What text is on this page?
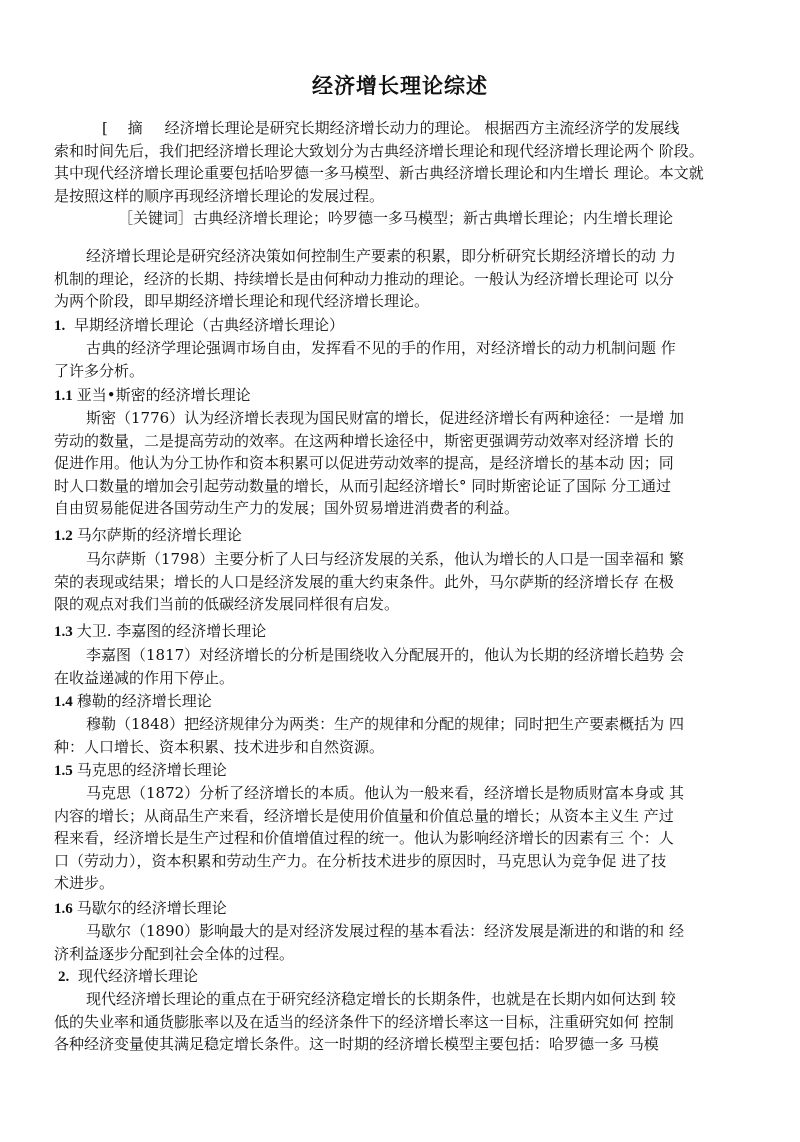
经济增长理论综述
[　 摘 经济增长理论是研究长期经济增长动力的理论。 根据西方主流经济学的发展线
索和时间先后，我们把经济增长理论大致划分为古典经济增长理论和现代经济增长理论两个 阶段。
其中现代经济增长理论重要包括哈罗德一多马模型、新古典经济增长理论和内生增长 理论。本文就
是按照这样的顺序再现经济增长理论的发展过程。
［关键词］古典经济增长理论；吟罗德一多马模型；新古典增长理论；内生增长理论
经济增长理论是研究经济决策如何控制生产要素的积累，即分析研究长期经济增长的动 力
机制的理论，经济的长期、持续增长是由何种动力推动的理论。一般认为经济增长理论可 以分
为两个阶段，即早期经济增长理论和现代经济增长理论。
1. 早期经济增长理论（古典经济增长理论）
古典的经济学理论强调市场自由，发挥看不见的手的作用，对经济增长的动力机制问题 作
了许多分析。
1.1 亚当•斯密的经济增长理论
斯密（1776）认为经济增长表现为国民财富的增长，促进经济增长有两种途径：一是增 加
劳动的数量，二是提高劳动的效率。在这两种增长途径中，斯密更强调劳动效率对经济增 长的
促进作用。他认为分工协作和资本积累可以促进劳动效率的提高，是经济增长的基本动 因；同
时人口数量的增加会引起劳动数量的增长，从而引起经济增长° 同时斯密论证了国际 分工通过
自由贸易能促进各国劳动生产力的发展；国外贸易增进消费者的利益。
1.2 马尔萨斯的经济增长理论
马尔萨斯（1798）主要分析了人曰与经济发展的关系，他认为增长的人口是一国幸福和 繁
荣的表现或结果；增长的人口是经济发展的重大约束条件。此外，马尔萨斯的经济增长存 在极
限的观点对我们当前的低碳经济发展同样很有启发。
1.3 大卫. 李嘉图的经济增长理论
李嘉图（1817）对经济增长的分析是围绕收入分配展开的，他认为长期的经济增长趋势 会
在收益递减的作用下停止。
1.4 穆勒的经济增长理论
穆勒（1848）把经济规律分为两类：生产的规律和分配的规律；同时把生产要素概括为 四
种：人口增长、资本积累、技术进步和自然资源。
1.5 马克思的经济增长理论
马克思（1872）分析了经济增长的本质。他认为一般来看，经济增长是物质财富本身或 其
内容的增长；从商品生产来看，经济增长是使用价值量和价值总量的增长；从资本主义生 产过
程来看，经济增长是生产过程和价值增值过程的统一。他认为影响经济增长的因素有三 个：人
口（劳动力），资本积累和劳动生产力。在分析技术进步的原因时，马克思认为竞争促 进了技
术进步。
1.6 马歇尔的经济增长理论
马歇尔（1890）影响最大的是对经济发展过程的基本看法：经济发展是渐进的和谐的和 经
济利益逐步分配到社会全体的过程。
2. 现代经济增长理论
现代经济增长理论的重点在于研究经济稳定增长的长期条件，也就是在长期内如何达到 较
低的失业率和通货膨胀率以及在适当的经济条件下的经济增长率这一目标，注重研究如何 控制
各种经济变量使其满足稳定增长条件。这一时期的经济增长模型主要包括：哈罗德一多 马模
